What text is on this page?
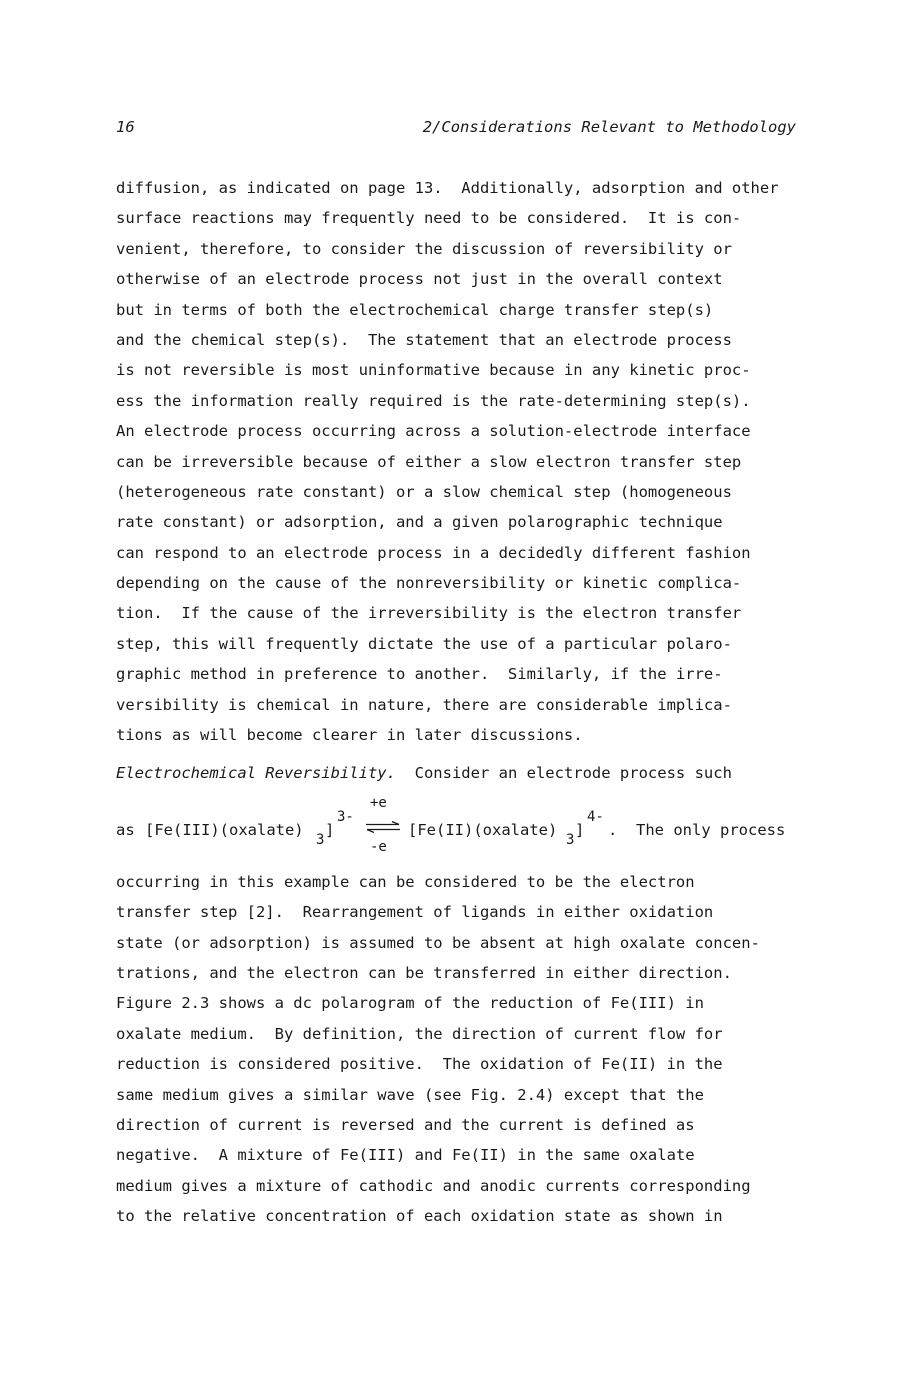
16	2/Considerations Relevant to Methodology
diffusion, as indicated on page 13.  Additionally, adsorption and other
surface reactions may frequently need to be considered.  It is con-
venient, therefore, to consider the discussion of reversibility or
otherwise of an electrode process not just in the overall context
but in terms of both the electrochemical charge transfer step(s)
and the chemical step(s).  The statement that an electrode process
is not reversible is most uninformative because in any kinetic proc-
ess the information really required is the rate-determining step(s).
An electrode process occurring across a solution-electrode interface
can be irreversible because of either a slow electron transfer step
(heterogeneous rate constant) or a slow chemical step (homogeneous
rate constant) or adsorption, and a given polarographic technique
can respond to an electrode process in a decidedly different fashion
depending on the cause of the nonreversibility or kinetic complica-
tion.  If the cause of the irreversibility is the electron transfer
step, this will frequently dictate the use of a particular polaro-
graphic method in preference to another.  Similarly, if the irre-
versibility is chemical in nature, there are considerable implica-
tions as will become clearer in later discussions.
Electrochemical Reversibility.  Consider an electrode process such

as

[Fe(III)(oxalate)

3

]

3-

+e

-e

[Fe(II)(oxalate)

3

]

4-

.

The only process

occurring in this example can be considered to be the electron
transfer step [2].  Rearrangement of ligands in either oxidation
state (or adsorption) is assumed to be absent at high oxalate concen-
trations, and the electron can be transferred in either direction.
Figure 2.3 shows a dc polarogram of the reduction of Fe(III) in
oxalate medium.  By definition, the direction of current flow for
reduction is considered positive.  The oxidation of Fe(II) in the
same medium gives a similar wave (see Fig. 2.4) except that the
direction of current is reversed and the current is defined as
negative.  A mixture of Fe(III) and Fe(II) in the same oxalate
medium gives a mixture of cathodic and anodic currents corresponding
to the relative concentration of each oxidation state as shown in
